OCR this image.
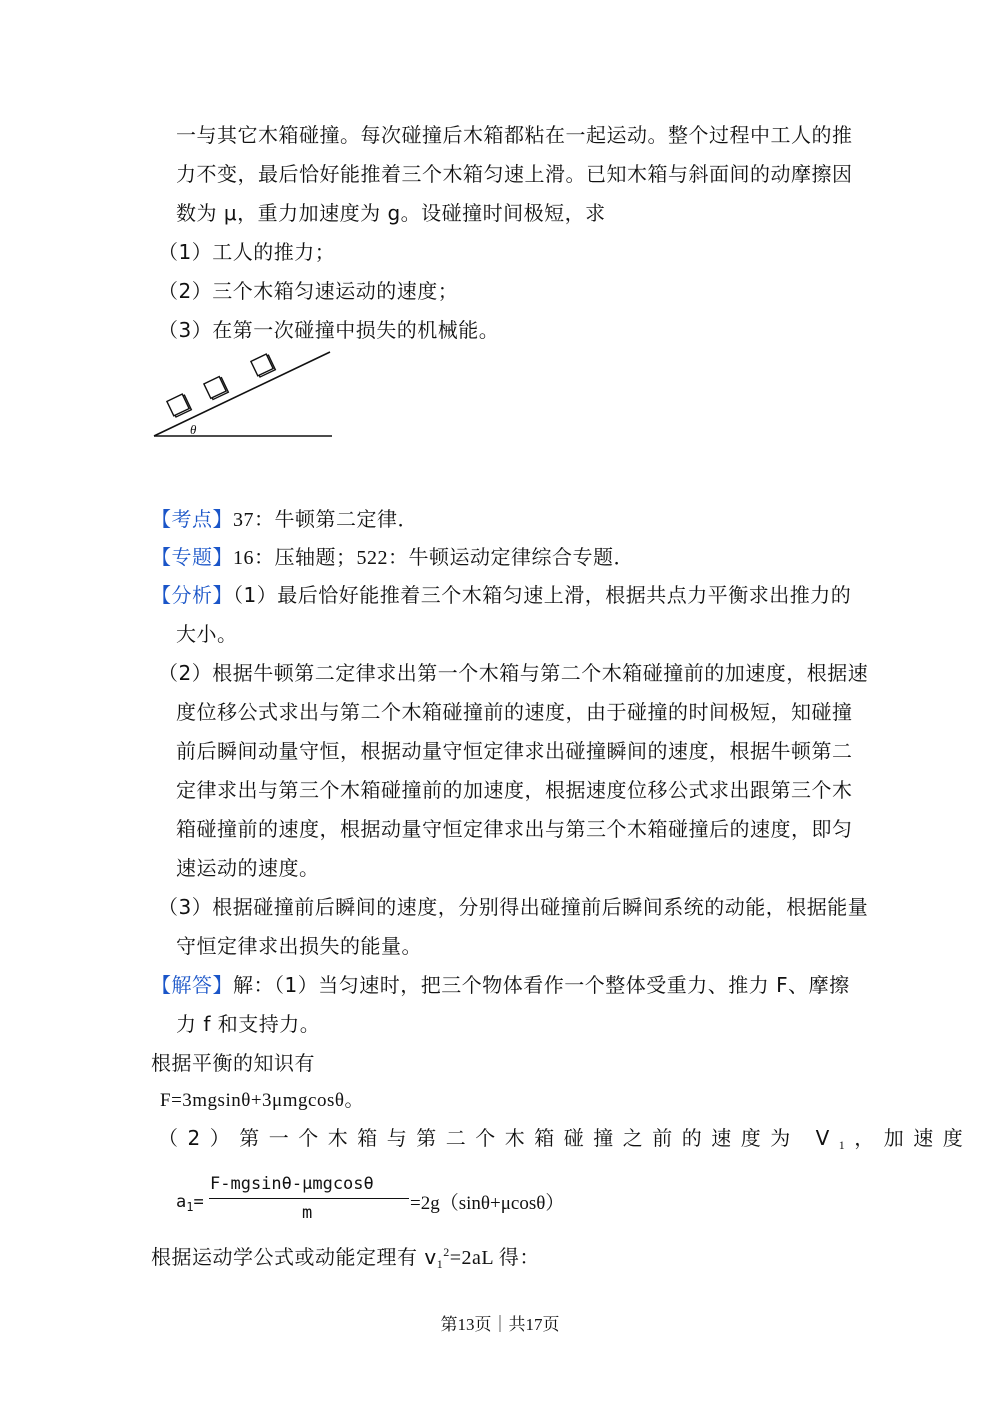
一与其它木箱碰撞。每次碰撞后木箱都粘在一起运动。整个过程中工人的推
力不变，最后恰好能推着三个木箱匀速上滑。已知木箱与斜面间的动摩擦因
数为 μ，重力加速度为 g。设碰撞时间极短，求
（1）工人的推力；
（2）三个木箱匀速运动的速度；
（3）在第一次碰撞中损失的机械能。
θ
【考点】37：牛顿第二定律．
【专题】16：压轴题；522：牛顿运动定律综合专题．
【分析】（1）最后恰好能推着三个木箱匀速上滑，根据共点力平衡求出推力的
大小。
（2）根据牛顿第二定律求出第一个木箱与第二个木箱碰撞前的加速度，根据速
度位移公式求出与第二个木箱碰撞前的速度，由于碰撞的时间极短，知碰撞
前后瞬间动量守恒，根据动量守恒定律求出碰撞瞬间的速度，根据牛顿第二
定律求出与第三个木箱碰撞前的加速度，根据速度位移公式求出跟第三个木
箱碰撞前的速度，根据动量守恒定律求出与第三个木箱碰撞后的速度，即匀
速运动的速度。
（3）根据碰撞前后瞬间的速度，分别得出碰撞前后瞬间系统的动能，根据能量
守恒定律求出损失的能量。
【解答】解：（1）当匀速时，把三个物体看作一个整体受重力、推力 F、摩擦
力 f 和支持力。
根据平衡的知识有
F=3mgsinθ+3μmgcosθ。
（2）第一个木箱与第二个木箱碰撞之前的速度为 $V_1$，加速度
$a_1=$
F-mgsinθ-μmgcosθ
m	=2g（sinθ+μcosθ）
根据运动学公式或动能定理有 $v_1^2=2aL$ 得：
第13页｜共17页
